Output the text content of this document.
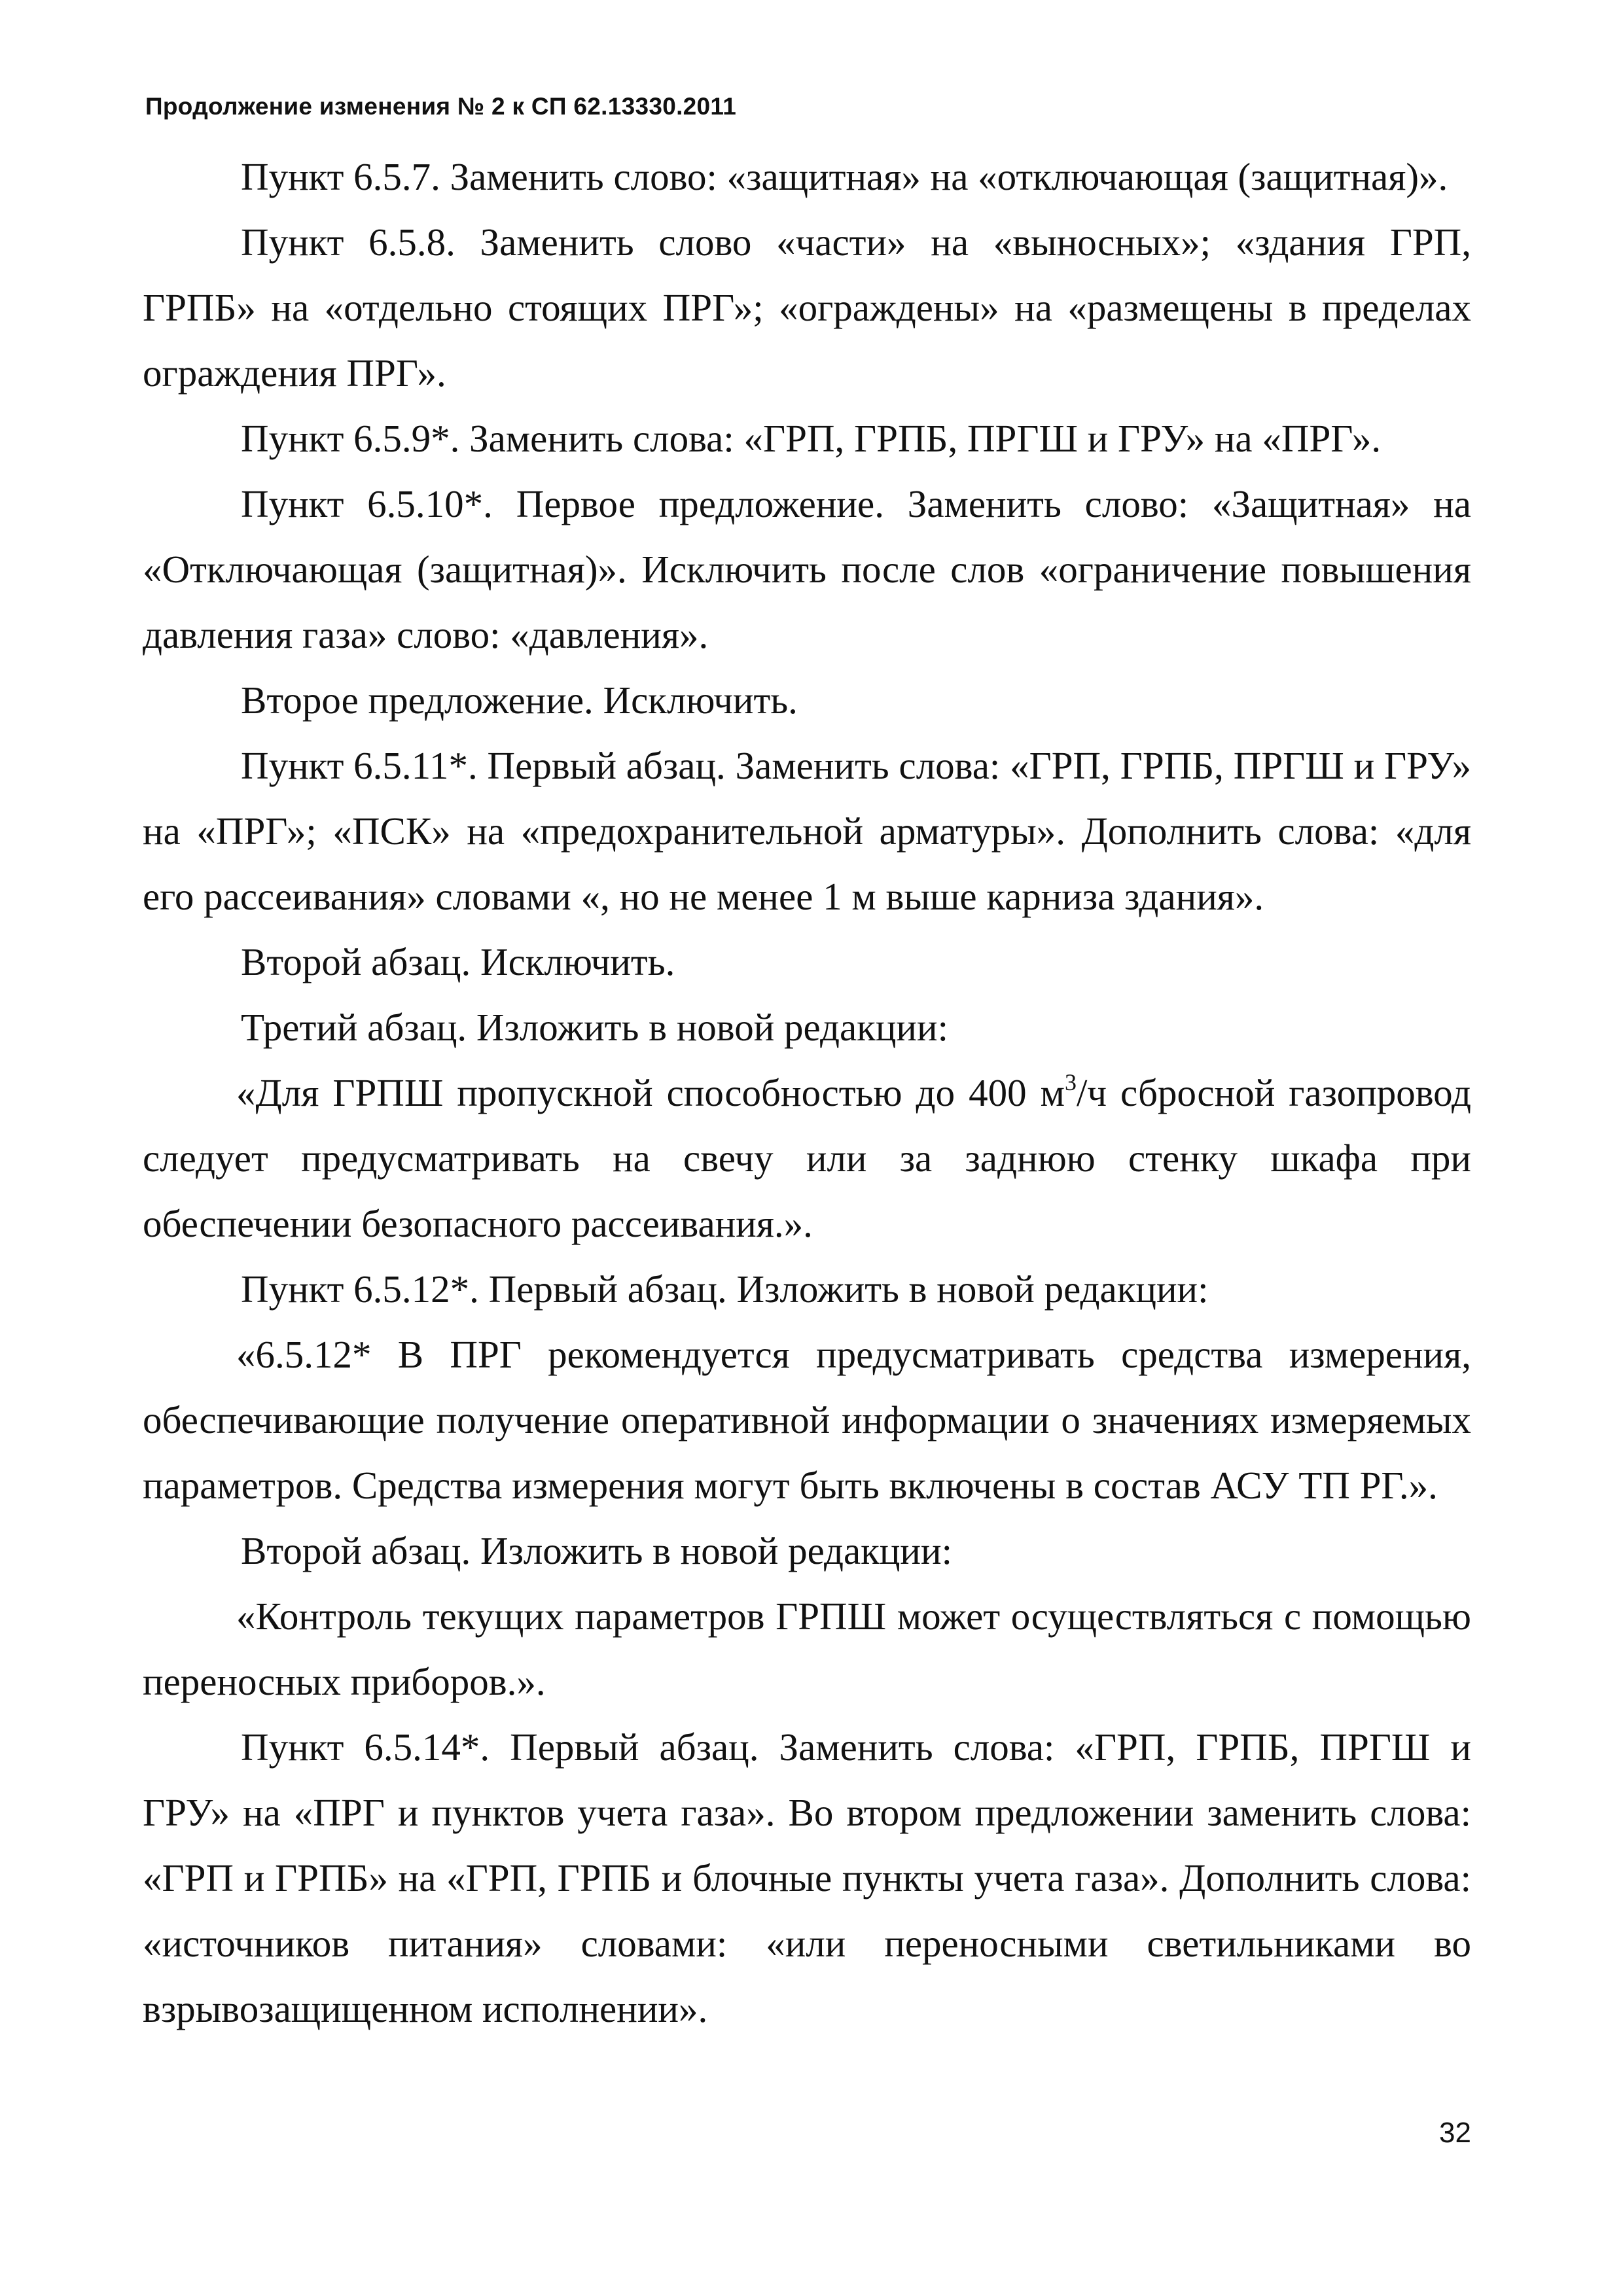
Продолжение изменения № 2 к СП 62.13330.2011

Пункт 6.5.7. Заменить слово: «защитная» на «отключающая (защитная)».

Пункт 6.5.8. Заменить слово «части» на «выносных»; «здания ГРП, ГРПБ» на «отдельно стоящих ПРГ»; «ограждены» на «размещены в пределах ограждения ПРГ».

Пункт 6.5.9*. Заменить слова: «ГРП, ГРПБ, ПРГШ и ГРУ» на «ПРГ».

Пункт 6.5.10*. Первое предложение. Заменить слово: «Защитная» на «Отключающая (защитная)». Исключить после слов «ограничение повышения давления газа» слово: «давления».

Второе предложение. Исключить.

Пункт 6.5.11*. Первый абзац. Заменить слова: «ГРП, ГРПБ, ПРГШ и ГРУ» на «ПРГ»; «ПСК» на «предохранительной арматуры». Дополнить слова: «для его рассеивания» словами «, но не менее 1 м выше карниза здания».

Второй абзац. Исключить.

Третий абзац. Изложить в новой редакции:

«Для ГРПШ пропускной способностью до 400 $м^3/ч$ сбросной газопровод следует предусматривать на свечу или за заднюю стенку шкафа при обеспечении безопасного рассеивания.».

Пункт 6.5.12*. Первый абзац. Изложить в новой редакции:

«6.5.12* В ПРГ рекомендуется предусматривать средства измерения, обеспечивающие получение оперативной информации о значениях измеряемых параметров. Средства измерения могут быть включены в состав АСУ ТП РГ.».

Второй абзац. Изложить в новой редакции:

«Контроль текущих параметров ГРПШ может осуществляться с помощью переносных приборов.».

Пункт 6.5.14*. Первый абзац. Заменить слова: «ГРП, ГРПБ, ПРГШ и ГРУ» на «ПРГ и пунктов учета газа». Во втором предложении заменить слова: «ГРП и ГРПБ» на «ГРП, ГРПБ и блочные пункты учета газа». Дополнить слова: «источников питания» словами: «или переносными светильниками во взрывозащищенном исполнении».

32
